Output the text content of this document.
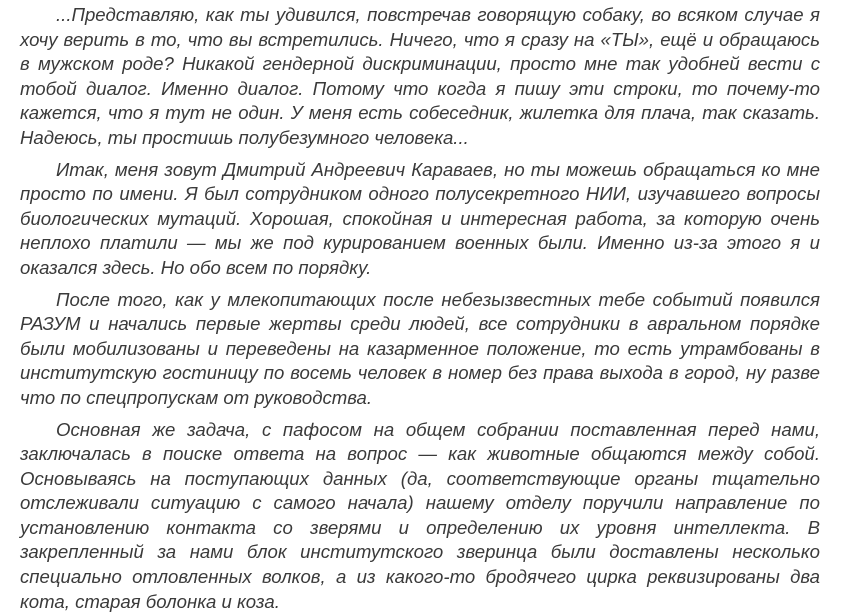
...Представляю, как ты удивился, повстречав говорящую собаку, во всяком случае я хочу верить в то, что вы встретились. Ничего, что я сразу на «ТЫ», ещё и обращаюсь в мужском роде? Никакой гендерной дискриминации, просто мне так удобней вести с тобой диалог. Именно диалог. Потому что когда я пишу эти строки, то почему-то кажется, что я тут не один. У меня есть собеседник, жилетка для плача, так сказать. Надеюсь, ты простишь полубезумного человека...

Итак, меня зовут Дмитрий Андреевич Караваев, но ты можешь обращаться ко мне просто по имени. Я был сотрудником одного полусекретного НИИ, изучавшего вопросы биологических мутаций. Хорошая, спокойная и интересная работа, за которую очень неплохо платили — мы же под курированием военных были. Именно из-за этого я и оказался здесь. Но обо всем по порядку.

После того, как у млекопитающих после небезызвестных тебе событий появился РАЗУМ и начались первые жертвы среди людей, все сотрудники в авральном порядке были мобилизованы и переведены на казарменное положение, то есть утрамбованы в институтскую гостиницу по восемь человек в номер без права выхода в город, ну разве что по спецпропускам от руководства.

Основная же задача, с пафосом на общем собрании поставленная перед нами, заключалась в поиске ответа на вопрос — как животные общаются между собой. Основываясь на поступающих данных (да, соответствующие органы тщательно отслеживали ситуацию с самого начала) нашему отделу поручили направление по установлению контакта со зверями и определению их уровня интеллекта. В закрепленный за нами блок институтского зверинца были доставлены несколько специально отловленных волков, а из какого-то бродячего цирка реквизированы два кота, старая болонка и коза.
